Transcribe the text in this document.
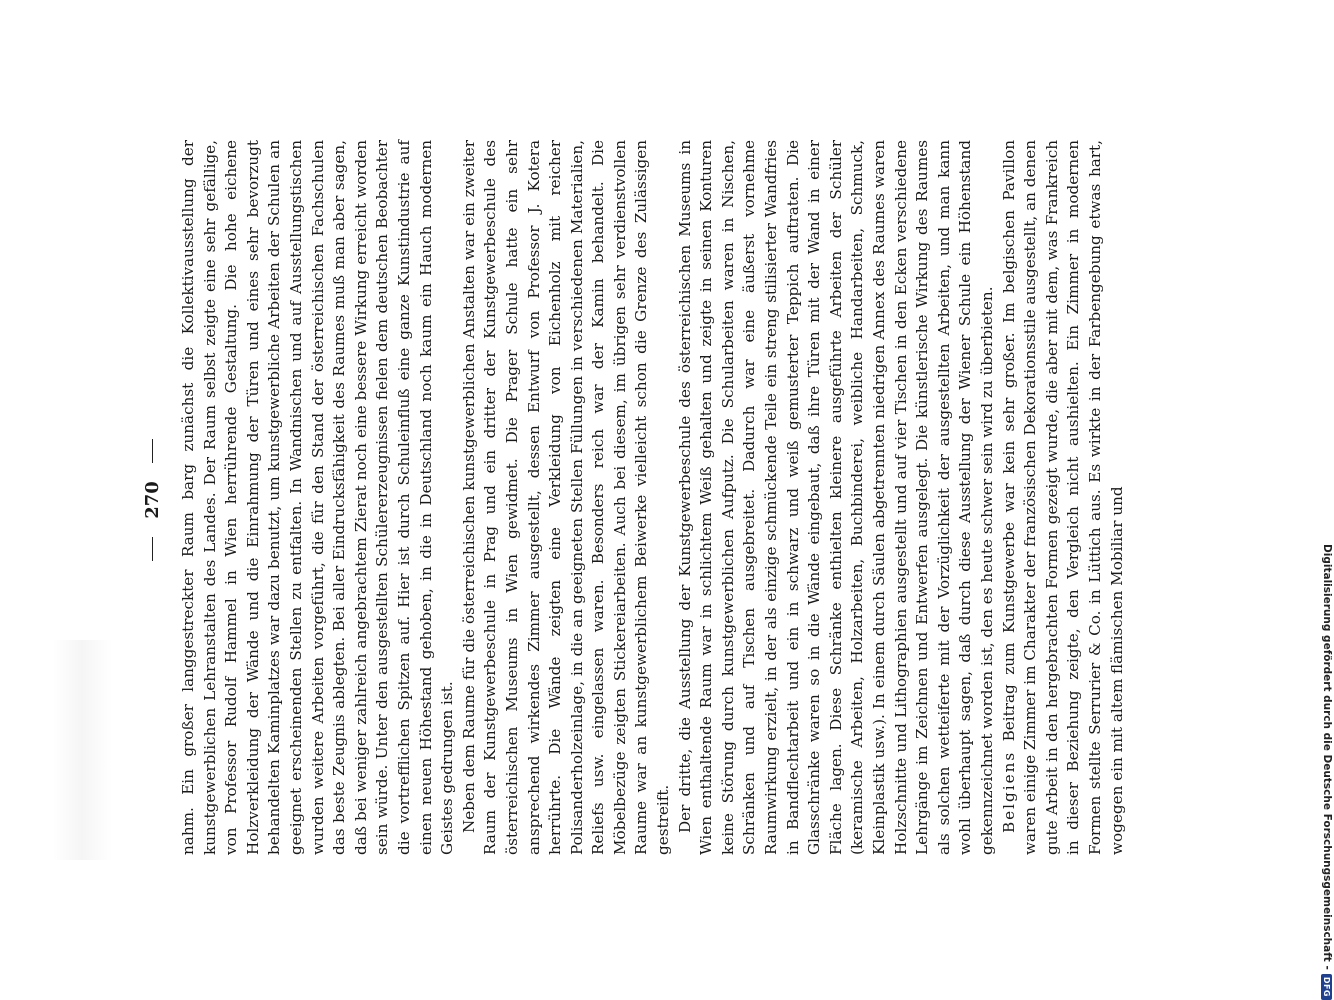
270 nahm. Ein großer langgestreckter Raum barg zunächst die Kollektivausstellung der kunstgewerblichen Lehranstalten des Landes. Der Raum selbst zeigte eine sehr gefällige, von Professor Rudolf Hammel in Wien herrührende Gestaltung. Die hohe eichene Holzverkleidung der Wände und die Einrahmung der Türen und eines sehr bevorzugt behandelten Kaminplatzes war dazu benutzt, um kunstgewerbliche Arbeiten der Schulen an geeignet erscheinenden Stellen zu entfalten. In Wandnischen und auf Ausstellungstischen wurden weitere Arbeiten vorgeführt, die für den Stand der österreichischen Fachschulen das beste Zeugnis ablegten. Bei aller Eindrucksfähigkeit des Raumes muß man aber sagen, daß bei weniger zahlreich angebrachtem Zierat noch eine bessere Wirkung erreicht worden sein würde. Unter den ausgestellten Schülererzeugnissen fielen dem deutschen Beobachter die vortrefflichen Spitzen auf. Hier ist durch Schuleinfluß eine ganze Kunstindustrie auf einen neuen Höhestand gehoben, in die in Deutschland noch kaum ein Hauch modernen Geistes gedrungen ist. Neben dem Raume für die österreichischen kunstgewerblichen Anstalten war ein zweiter Raum der Kunstgewerbeschule in Prag und ein dritter der Kunstgewerbeschule des österreichischen Museums in Wien gewidmet. Die Prager Schule hatte ein sehr ansprechend wirkendes Zimmer ausgestellt, dessen Entwurf von Professor J. Kotera herrührte. Die Wände zeigten eine Verkleidung von Eichenholz mit reicher Polisanderholzeinlage, in die an geeigneten Stellen Füllungen in verschiedenen Materialien, Reliefs usw. eingelassen waren. Besonders reich war der Kamin behandelt. Die Möbelbezüge zeigten Stickereiarbeiten. Auch bei diesem, im übrigen sehr verdienstvollen Raume war an kunstgewerblichem Beiwerke vielleicht schon die Grenze des Zulässigen gestreift. Der dritte, die Ausstellung der Kunstgewerbeschule des österreichischen Museums in Wien enthaltende Raum war in schlichtem Weiß gehalten und zeigte in seinen Konturen keine Störung durch kunstgewerblichen Aufputz. Die Schularbeiten waren in Nischen, Schränken und auf Tischen ausgebreitet. Dadurch war eine äußerst vornehme Raumwirkung erzielt, in der als einzige schmückende Teile ein streng stilisierter Wandfries in Bandflechtarbeit und ein in schwarz und weiß gemusterter Teppich auftraten. Die Glasschränke waren so in die Wände eingebaut, daß ihre Türen mit der Wand in einer Fläche lagen. Diese Schränke enthielten kleinere ausgeführte Arbeiten der Schüler (keramische Arbeiten, Holzarbeiten, Buchbinderei, weibliche Handarbeiten, Schmuck, Kleinplastik usw.). In einem durch Säulen abgetrennten niedrigen Annex des Raumes waren Holzschnitte und Lithographien ausgestellt und auf vier Tischen in den Ecken verschiedene Lehrgänge im Zeichnen und Entwerfen ausgelegt. Die künstlerische Wirkung des Raumes als solchen wetteiferte mit der Vorzüglichkeit der ausgestellten Arbeiten, und man kann wohl überhaupt sagen, daß durch diese Ausstellung der Wiener Schule ein Höhenstand gekennzeichnet worden ist, den es heute schwer sein wird zu überbieten. Belgiens Beitrag zum Kunstgewerbe war kein sehr großer. Im belgischen Pavillon waren einige Zimmer im Charakter der französischen Dekorationsstile ausgestellt, an denen gute Arbeit in den hergebrachten Formen gezeigt wurde, die aber mit dem, was Frankreich in dieser Beziehung zeigte, den Vergleich nicht aushielten. Ein Zimmer in modernen Formen stellte Serrurier & Co. in Lüttich aus. Es wirkte in der Farbengebung etwas hart, wogegen ein mit altem flämischen Mobiliar und	Digitalisierung gefördert durch die Deutsche Forschungsgemeinschaft -
DFG
